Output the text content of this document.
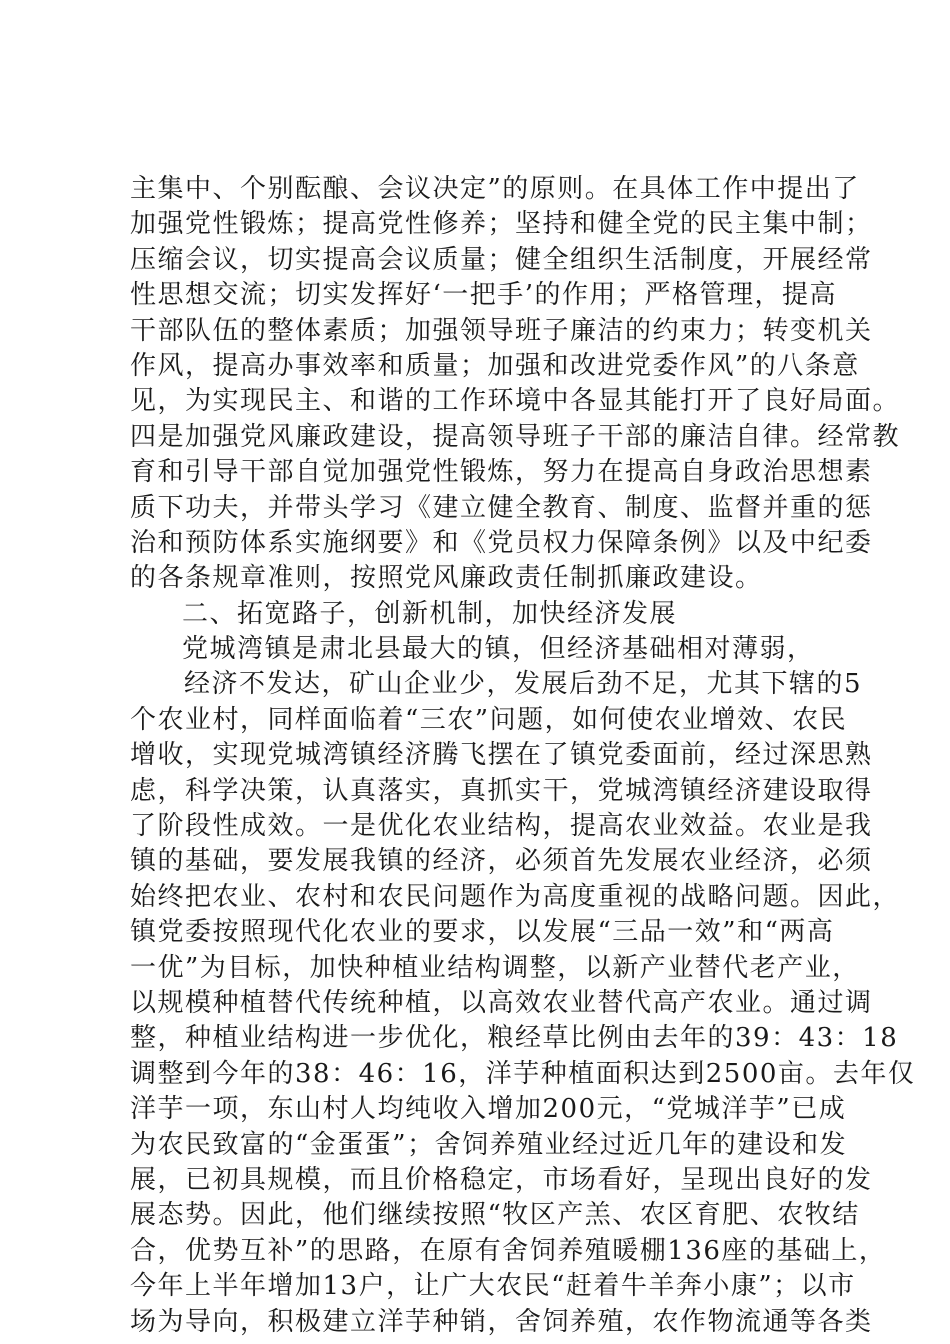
主集中、个别酝酿、会议决定”的原则。在具体工作中提出了
加强党性锻炼；提高党性修养；坚持和健全党的民主集中制；
压缩会议，切实提高会议质量；健全组织生活制度，开展经常
性思想交流；切实发挥好‘一把手’的作用；严格管理，提高
干部队伍的整体素质；加强领导班子廉洁的约束力；转变机关
作风，提高办事效率和质量；加强和改进党委作风”的八条意
见，为实现民主、和谐的工作环境中各显其能打开了良好局面。
四是加强党风廉政建设，提高领导班子干部的廉洁自律。经常教
育和引导干部自觉加强党性锻炼，努力在提高自身政治思想素
质下功夫，并带头学习《建立健全教育、制度、监督并重的惩
治和预防体系实施纲要》和《党员权力保障条例》以及中纪委
的各条规章准则，按照党风廉政责任制抓廉政建设。
二、拓宽路子，创新机制，加快经济发展
党城湾镇是肃北县最大的镇，但经济基础相对薄弱，
经济不发达，矿山企业少，发展后劲不足，尤其下辖的5
个农业村，同样面临着“三农”问题，如何使农业增效、农民
增收，实现党城湾镇经济腾飞摆在了镇党委面前，经过深思熟
虑，科学决策，认真落实，真抓实干，党城湾镇经济建设取得
了阶段性成效。一是优化农业结构，提高农业效益。农业是我
镇的基础，要发展我镇的经济，必须首先发展农业经济，必须
始终把农业、农村和农民问题作为高度重视的战略问题。因此，
镇党委按照现代化农业的要求，以发展“三品一效”和“两高
一优”为目标，加快种植业结构调整，以新产业替代老产业，
以规模种植替代传统种植，以高效农业替代高产农业。通过调
整，种植业结构进一步优化，粮经草比例由去年的39：43：18
调整到今年的38：46：16，洋芋种植面积达到2500亩。去年仅
洋芋一项，东山村人均纯收入增加200元，“党城洋芋”已成
为农民致富的“金蛋蛋”；舍饲养殖业经过近几年的建设和发
展，已初具规模，而且价格稳定，市场看好，呈现出良好的发
展态势。因此，他们继续按照“牧区产羔、农区育肥、农牧结
合，优势互补”的思路，在原有舍饲养殖暖棚136座的基础上，
今年上半年增加13户，让广大农民“赶着牛羊奔小康”；以市
场为导向，积极建立洋芋种销，舍饲养殖，农作物流通等各类
